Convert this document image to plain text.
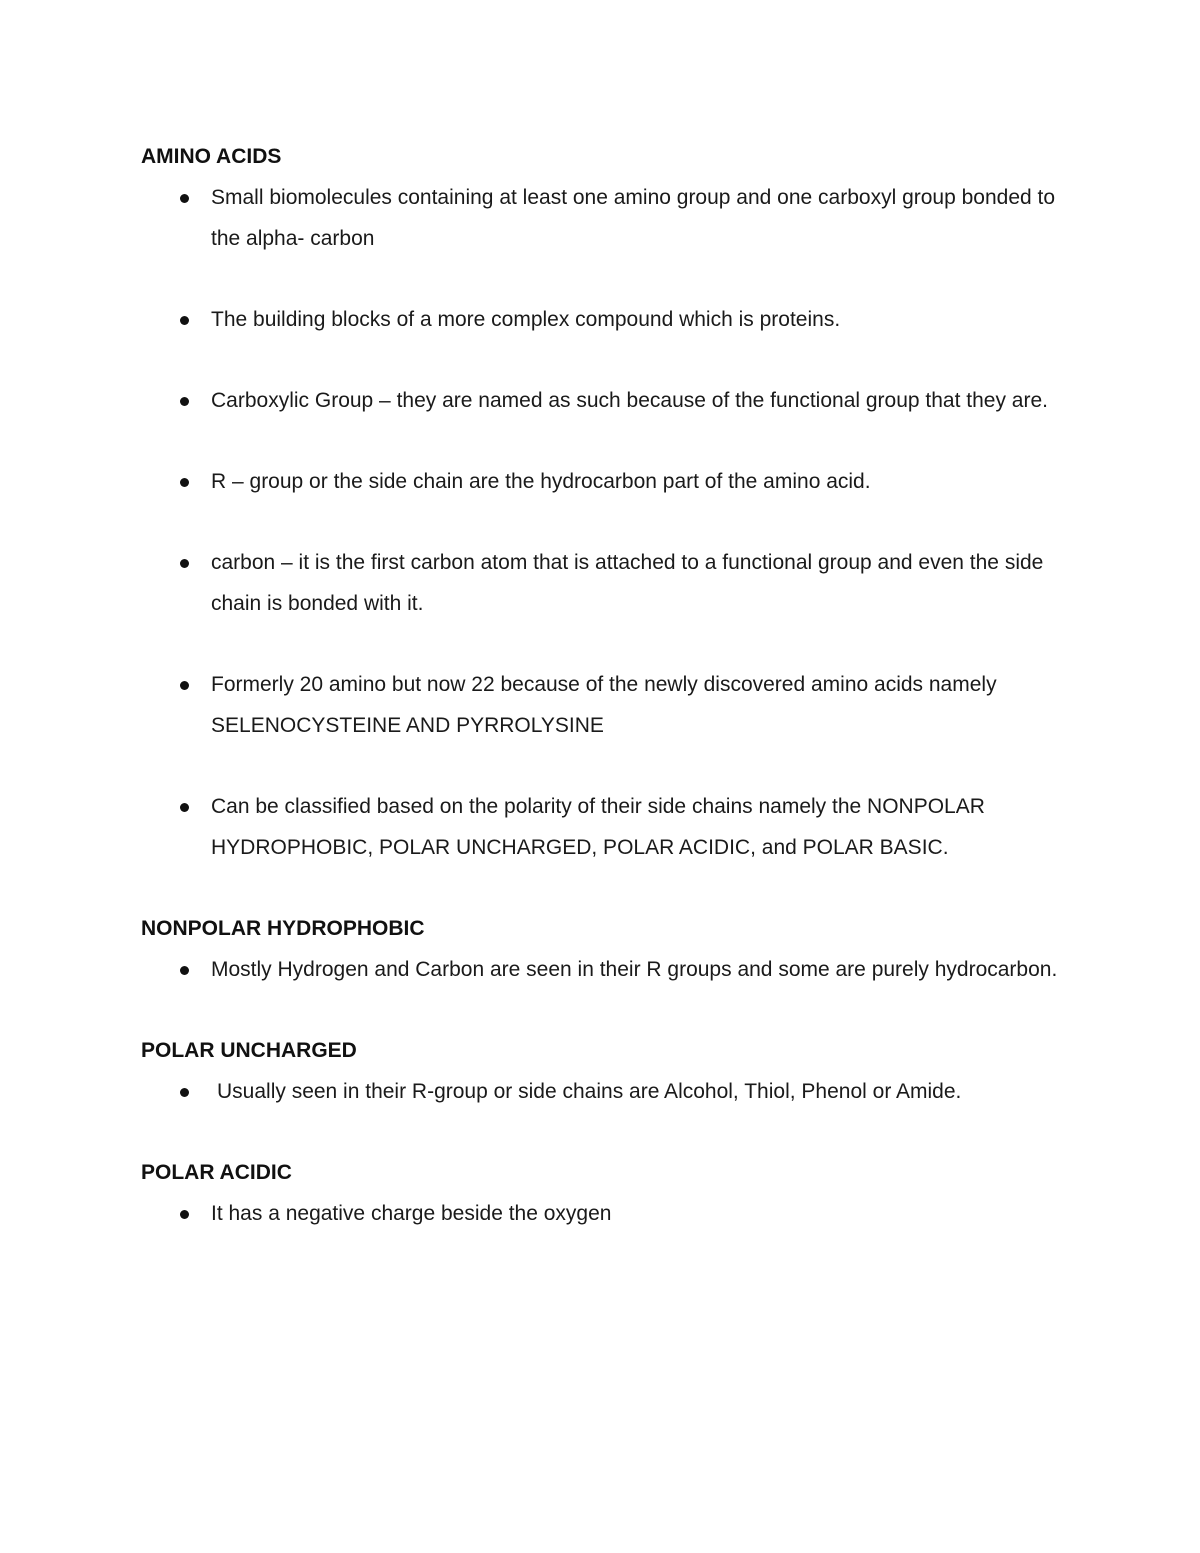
AMINO ACIDS
Small biomolecules containing at least one amino group and one carboxyl group bonded to the alpha- carbon
The building blocks of a more complex compound which is proteins.
Carboxylic Group – they are named as such because of the functional group that they are.
R – group or the side chain are the hydrocarbon part of the amino acid.
carbon – it is the first carbon atom that is attached to a functional group and even the side chain is bonded with it.
Formerly 20 amino but now 22 because of the newly discovered amino acids namely SELENOCYSTEINE AND PYRROLYSINE
Can be classified based on the polarity of their side chains namely the NONPOLAR HYDROPHOBIC, POLAR UNCHARGED, POLAR ACIDIC, and POLAR BASIC.
NONPOLAR HYDROPHOBIC
Mostly Hydrogen and Carbon are seen in their R groups and some are purely hydrocarbon.
POLAR UNCHARGED
Usually seen in their R-group or side chains are Alcohol, Thiol, Phenol or Amide.
POLAR ACIDIC
It has a negative charge beside the oxygen
